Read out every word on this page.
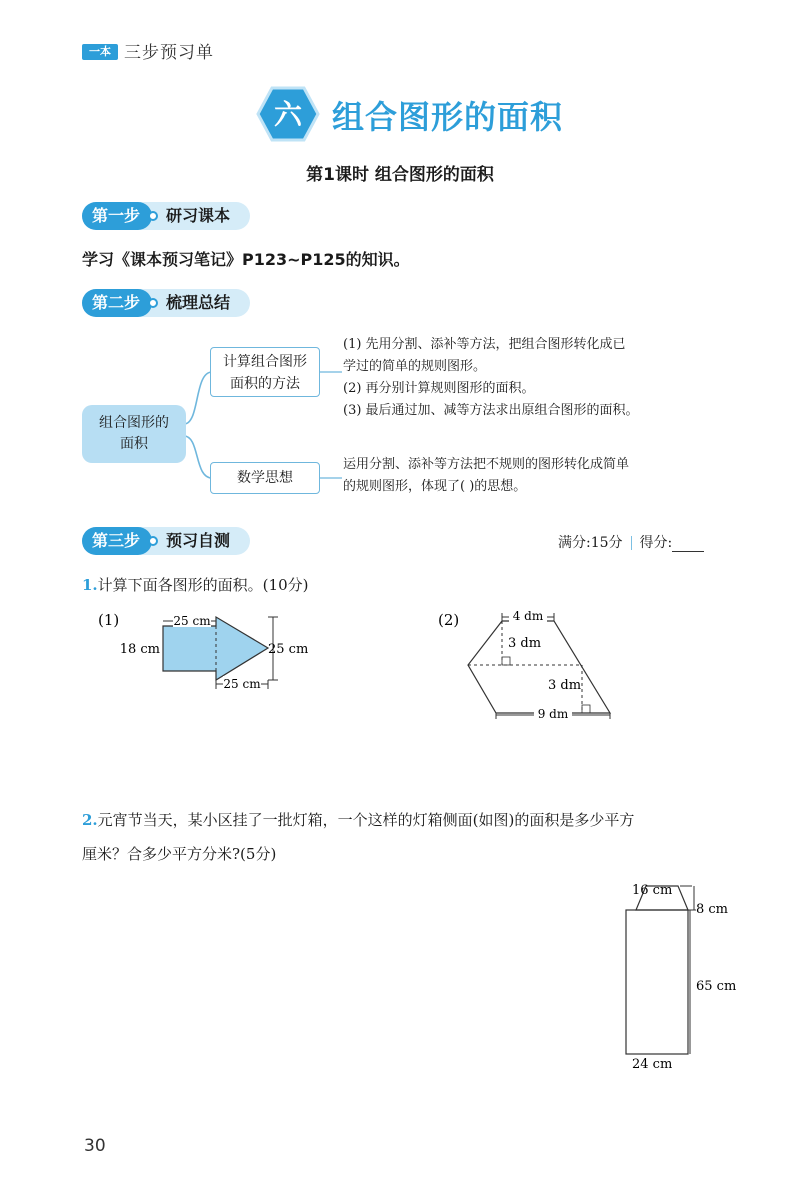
一本 三步预习单
六 组合图形的面积
第1课时 组合图形的面积
第一步	研习课本
学习《课本预习笔记》P123~P125的知识。
第二步	梳理总结
组合图形的
面积
计算组合图形
面积的方法
数学思想
(1) 先用分割、添补等方法，把组合图形转化成已
学过的简单的规则图形。
(2) 再分别计算规则图形的面积。
(3) 最后通过加、减等方法求出原组合图形的面积。
运用分割、添补等方法把不规则的图形转化成简单
的规则图形，体现了( )的思想。
第三步	预习自测	满分:15分 得分:
1.计算下面各图形的面积。(10分)
(1)	25 cm
18 cm	25 cm
25 cm
(2)	4 dm
3 dm
3 dm
9 dm
2.元宵节当天，某小区挂了一批灯箱，一个这样的灯箱侧面(如图)的面积是多少平方
厘米？合多少平方分米?(5分)
16 cm
8 cm
65 cm
24 cm
30
